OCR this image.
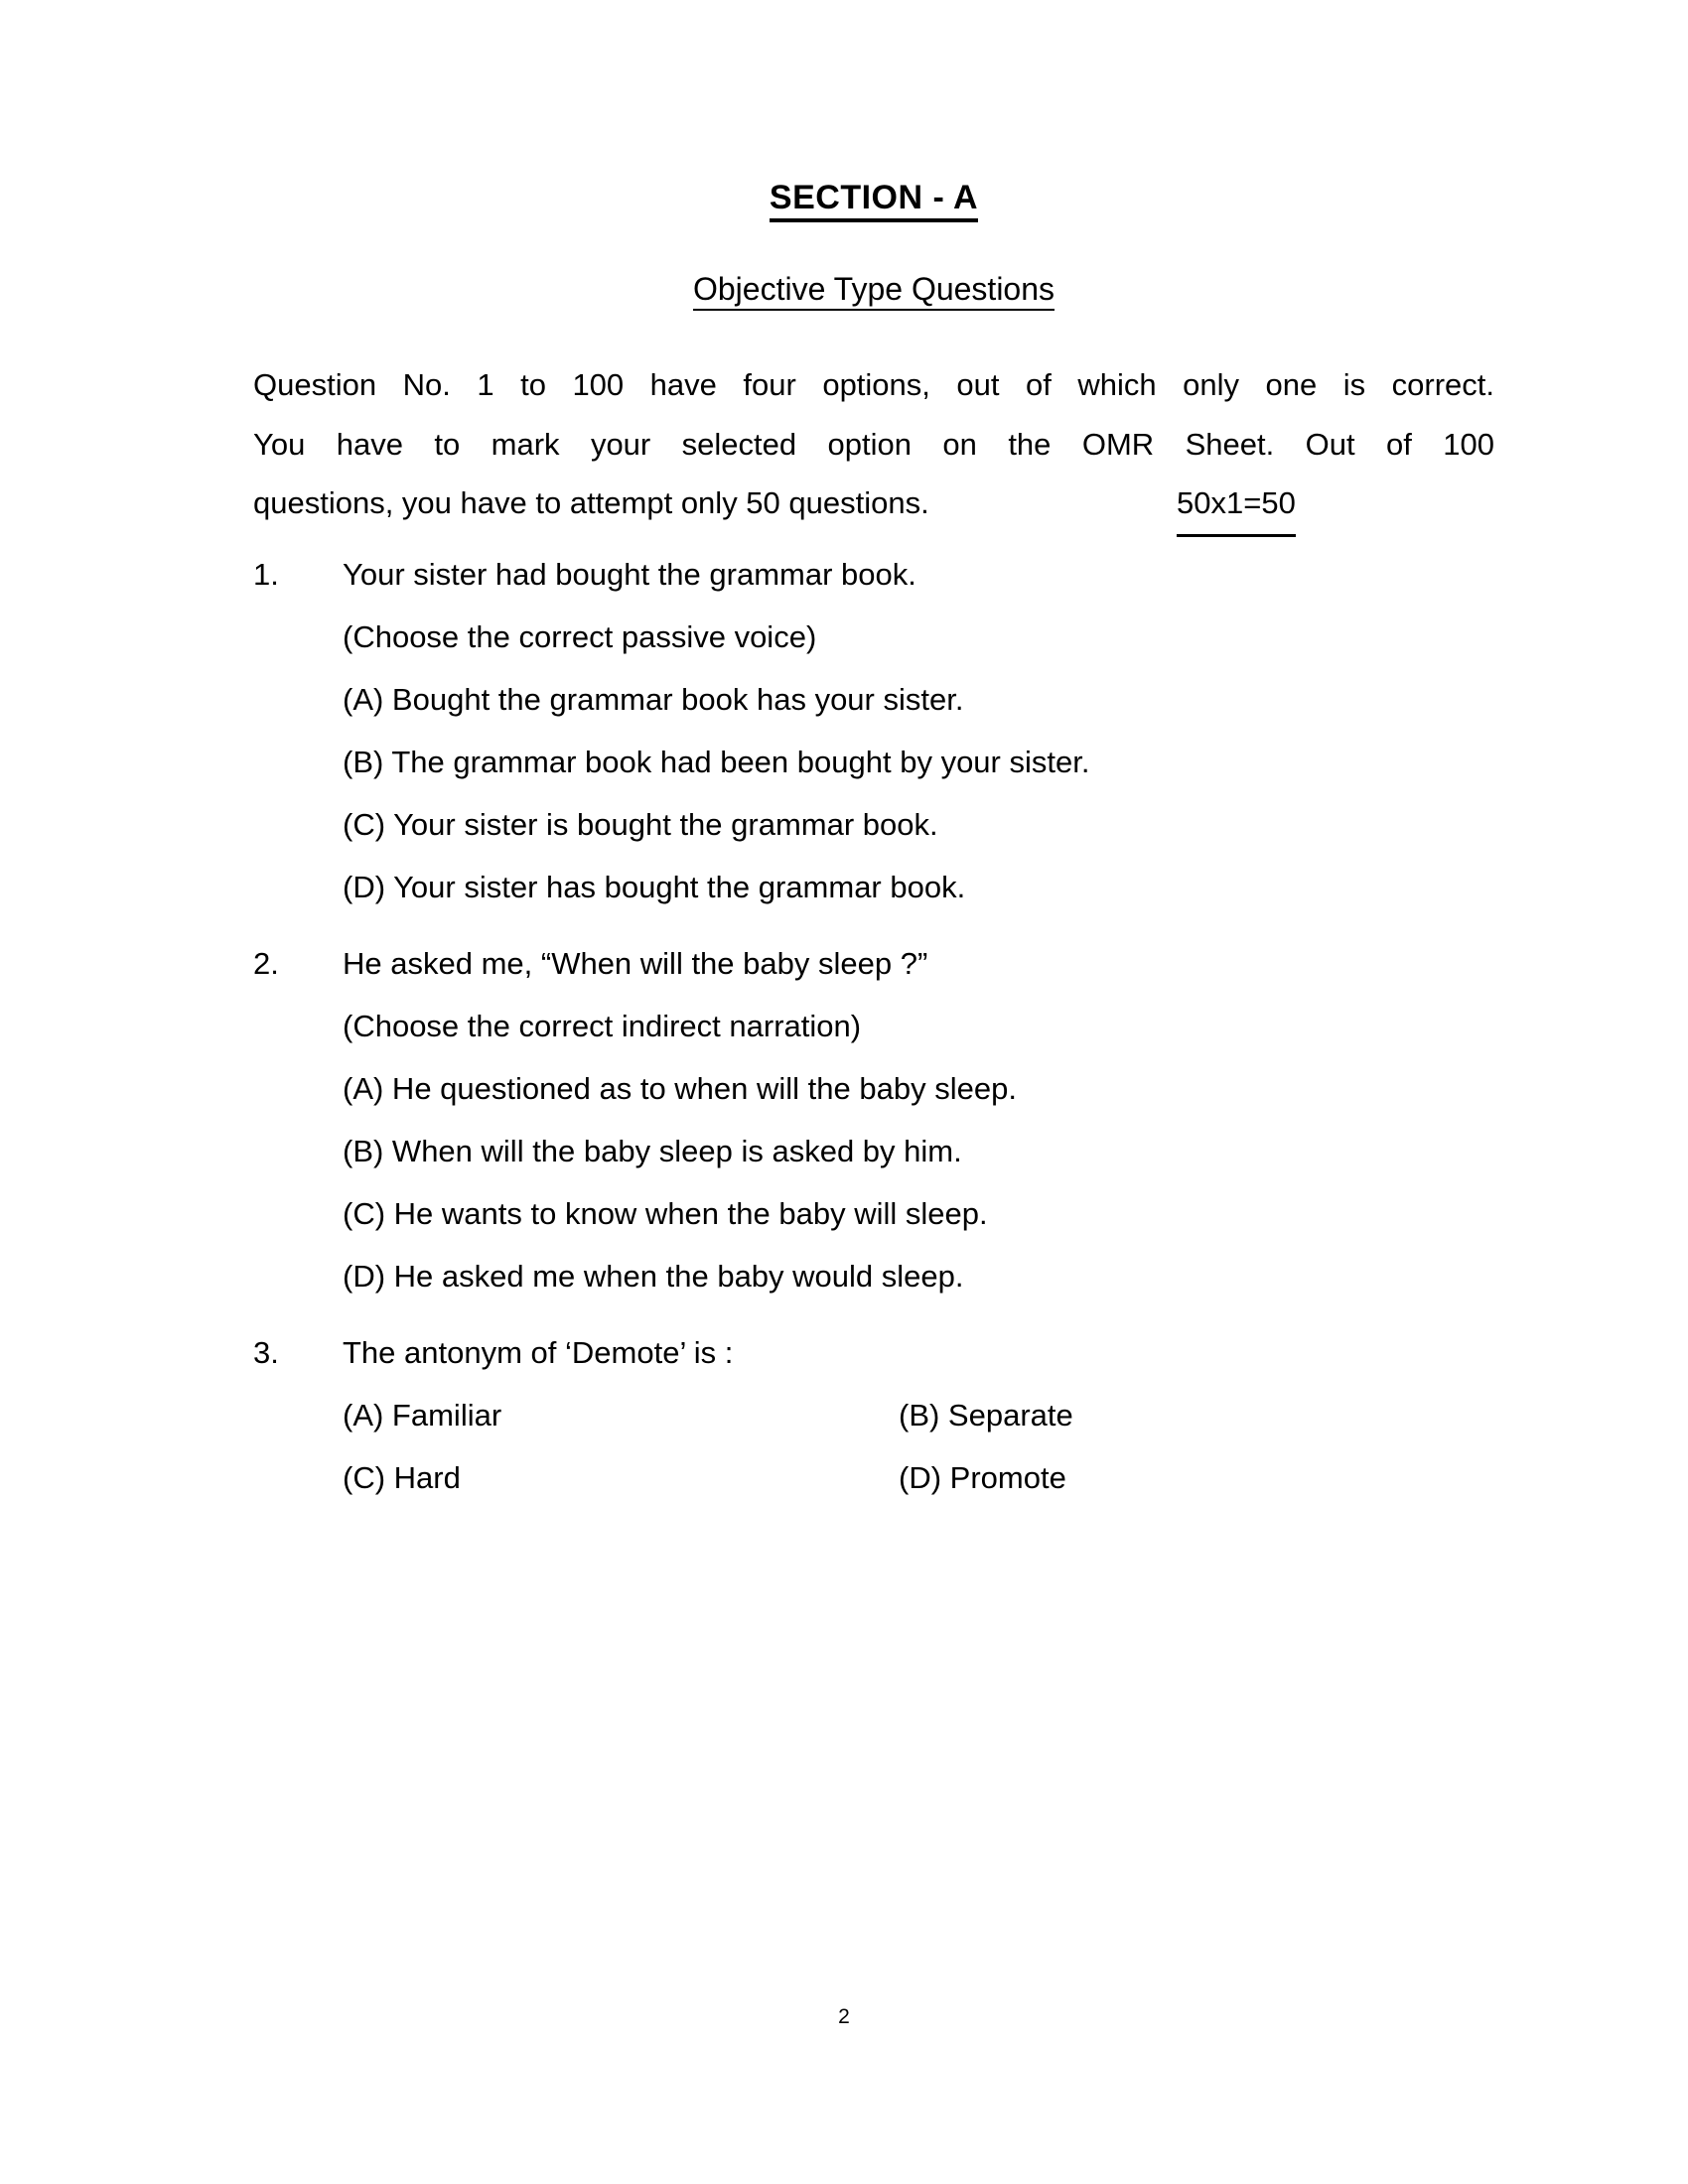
SECTION - A
Objective Type Questions
Question No. 1 to 100 have four options, out of which only one is correct.
You have to mark your selected option on the OMR Sheet. Out of 100
questions, you have to attempt only 50 questions.	50x1=50
1.	Your sister had bought the grammar book.
(Choose the correct passive voice)
(A) Bought the grammar book has your sister.
(B) The grammar book had been bought by your sister.
(C) Your sister is bought the grammar book.
(D) Your sister has bought the grammar book.
2.	He asked me, “When will the baby sleep ?”
(Choose the correct indirect narration)
(A) He questioned as to when will the baby sleep.
(B) When will the baby sleep is asked by him.
(C) He wants to know when the baby will sleep.
(D) He asked me when the baby would sleep.
3.	The antonym of ‘Demote’ is :
(A) Familiar	(B) Separate
(C) Hard	(D) Promote
2
